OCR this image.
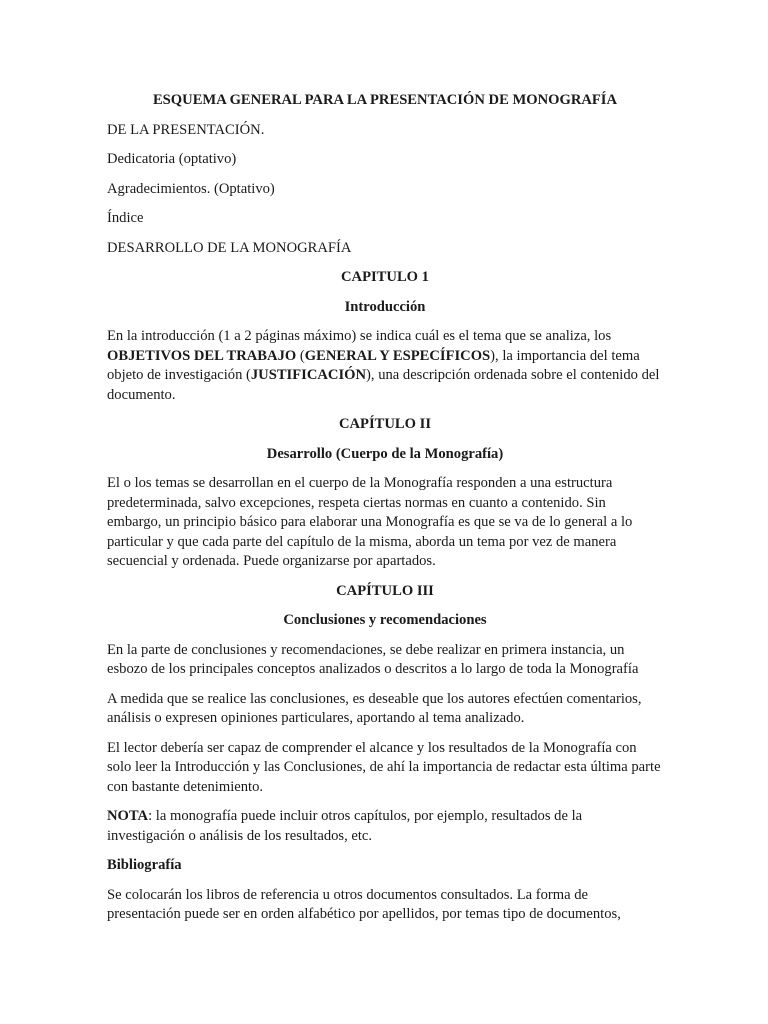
ESQUEMA GENERAL PARA LA PRESENTACIÓN DE MONOGRAFÍA

DE LA PRESENTACIÓN.

Dedicatoria (optativo)

Agradecimientos. (Optativo)

Índice

DESARROLLO DE LA MONOGRAFÍA

CAPITULO 1

Introducción

En la introducción (1 a 2 páginas máximo) se indica cuál es el tema que se analiza, los OBJETIVOS DEL TRABAJO (GENERAL Y ESPECÍFICOS), la importancia del tema objeto de investigación (JUSTIFICACIÓN), una descripción ordenada sobre el contenido del documento.

CAPÍTULO II

Desarrollo (Cuerpo de la Monografía)

El o los temas se desarrollan en el cuerpo de la Monografía responden a una estructura predeterminada, salvo excepciones, respeta ciertas normas en cuanto a contenido. Sin embargo, un principio básico para elaborar una Monografía es que se va de lo general a lo particular y que cada parte del capítulo de la misma, aborda un tema por vez de manera secuencial y ordenada. Puede organizarse por apartados.

CAPÍTULO III

Conclusiones y recomendaciones

En la parte de conclusiones y recomendaciones, se debe realizar en primera instancia, un esbozo de los principales conceptos analizados o descritos a lo largo de toda la Monografía

A medida que se realice las conclusiones, es deseable que los autores efectúen comentarios, análisis o expresen opiniones particulares, aportando al tema analizado.

El lector debería ser capaz de comprender el alcance y los resultados de la Monografía con solo leer la Introducción y las Conclusiones, de ahí la importancia de redactar esta última parte con bastante detenimiento.

NOTA: la monografía puede incluir otros capítulos, por ejemplo, resultados de la investigación o análisis de los resultados, etc.

Bibliografía

Se colocarán los libros de referencia u otros documentos consultados. La forma de presentación puede ser en orden alfabético por apellidos, por temas tipo de documentos,
